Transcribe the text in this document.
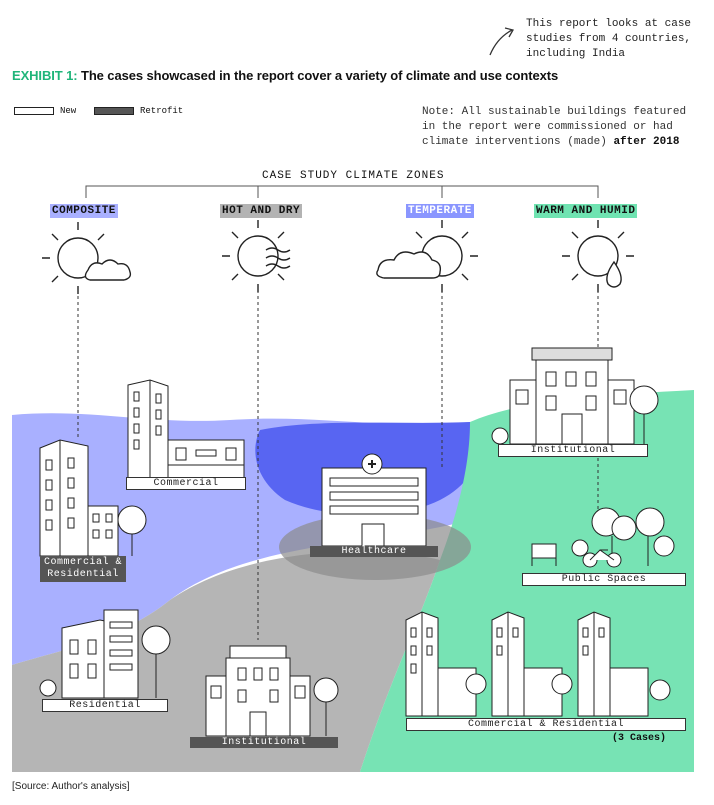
This report looks at case studies from 4 countries, including India
EXHIBIT 1: The cases showcased in the report cover a variety of climate and use contexts
New	Retrofit	Note: All sustainable buildings featured in the report were commissioned or had climate interventions (made) after 2018
CASE STUDY CLIMATE ZONES
COMPOSITE	HOT AND DRY	TEMPERATE	WARM AND HUMID
Commercial
Commercial & Residential
Residential
Institutional
Healthcare
Institutional
Public Spaces
Commercial & Residential
(3 Cases)
[Source: Author's analysis]
